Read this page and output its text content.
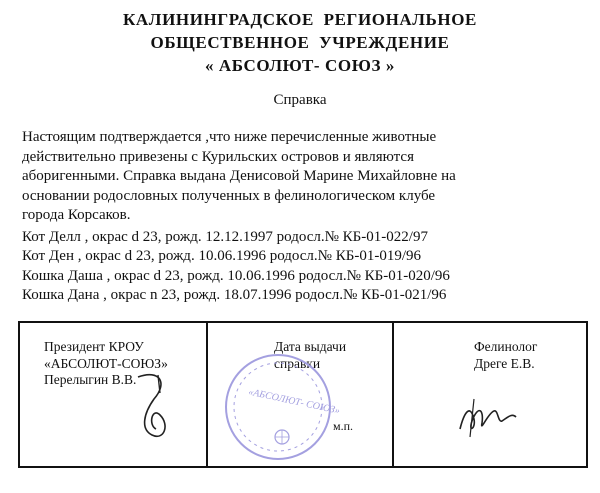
КАЛИНИНГРАДСКОЕ  РЕГИОНАЛЬНОЕ
ОБЩЕСТВЕННОЕ  УЧРЕЖДЕНИЕ
« АБСОЛЮТ- СОЮЗ »
Справка
Настоящим подтверждается ,что ниже перечисленные животные
действительно привезены с Курильских островов и являются
аборигенными. Справка выдана Денисовой Марине Михайловне на
основании родословных полученных в фелинологическом клубе
города Корсаков.
Кот Делл , окрас d 23, рожд. 12.12.1997 родосл.№ КБ-01-022/97
Кот Ден , окрас d 23, рожд. 10.06.1996 родосл.№ КБ-01-019/96
Кошка Даша , окрас d 23, рожд. 10.06.1996 родосл.№ КБ-01-020/96
Кошка Дана , окрас n 23, рожд. 18.07.1996 родосл.№ КБ-01-021/96
Президент КРОУ
«АБСОЛЮТ-СОЮЗ»
Перелыгин В.В.
Дата выдачи
справки
«АБСОЛЮТ- СОЮЗ»
м.п.
Фелинолог
Дреге Е.В.
